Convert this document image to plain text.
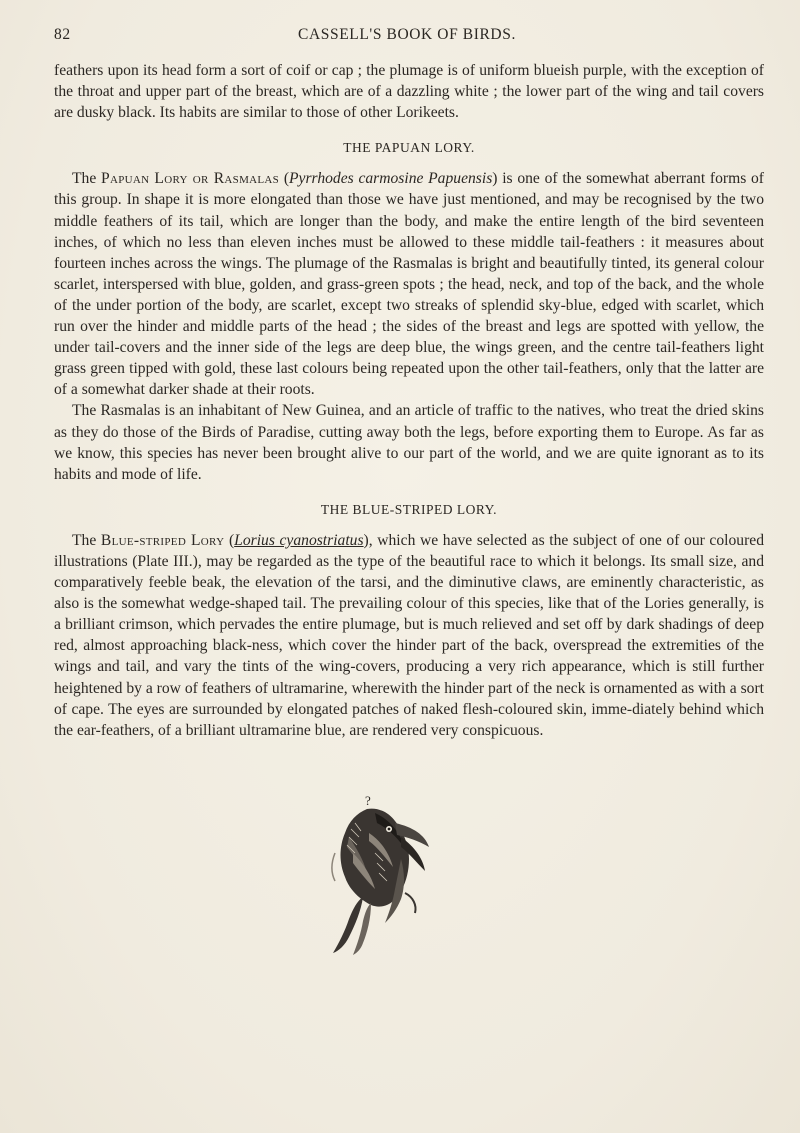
82	CASSELL'S BOOK OF BIRDS.

feathers upon its head form a sort of coif or cap ; the plumage is of uniform blueish purple, with the exception of the throat and upper part of the breast, which are of a dazzling white ; the lower part of the wing and tail covers are dusky black. Its habits are similar to those of other Lorikeets.

THE PAPUAN LORY.

The Papuan Lory or Rasmalas (Pyrrhodes carmosine Papuensis) is one of the somewhat aberrant forms of this group. In shape it is more elongated than those we have just mentioned, and may be recognised by the two middle feathers of its tail, which are longer than the body, and make the entire length of the bird seventeen inches, of which no less than eleven inches must be allowed to these middle tail-feathers : it measures about fourteen inches across the wings. The plumage of the Rasmalas is bright and beautifully tinted, its general colour scarlet, interspersed with blue, golden, and grass-green spots ; the head, neck, and top of the back, and the whole of the under portion of the body, are scarlet, except two streaks of splendid sky-blue, edged with scarlet, which run over the hinder and middle parts of the head ; the sides of the breast and legs are spotted with yellow, the under tail-covers and the inner side of the legs are deep blue, the wings green, and the centre tail-feathers light grass green tipped with gold, these last colours being repeated upon the other tail-feathers, only that the latter are of a somewhat darker shade at their roots.

The Rasmalas is an inhabitant of New Guinea, and an article of traffic to the natives, who treat the dried skins as they do those of the Birds of Paradise, cutting away both the legs, before exporting them to Europe. As far as we know, this species has never been brought alive to our part of the world, and we are quite ignorant as to its habits and mode of life.

THE BLUE-STRIPED LORY.

The Blue-striped Lory (Lorius cyanostriatus), which we have selected as the subject of one of our coloured illustrations (Plate III.), may be regarded as the type of the beautiful race to which it belongs. Its small size, and comparatively feeble beak, the elevation of the tarsi, and the diminutive claws, are eminently characteristic, as also is the somewhat wedge-shaped tail. The prevailing colour of this species, like that of the Lories generally, is a brilliant crimson, which pervades the entire plumage, but is much relieved and set off by dark shadings of deep red, almost approaching black-ness, which cover the hinder part of the back, overspread the extremities of the wings and tail, and vary the tints of the wing-covers, producing a very rich appearance, which is still further heightened by a row of feathers of ultramarine, wherewith the hinder part of the neck is ornamented as with a sort of cape. The eyes are surrounded by elongated patches of naked flesh-coloured skin, imme-diately behind which the ear-feathers, of a brilliant ultramarine blue, are rendered very conspicuous.

?
